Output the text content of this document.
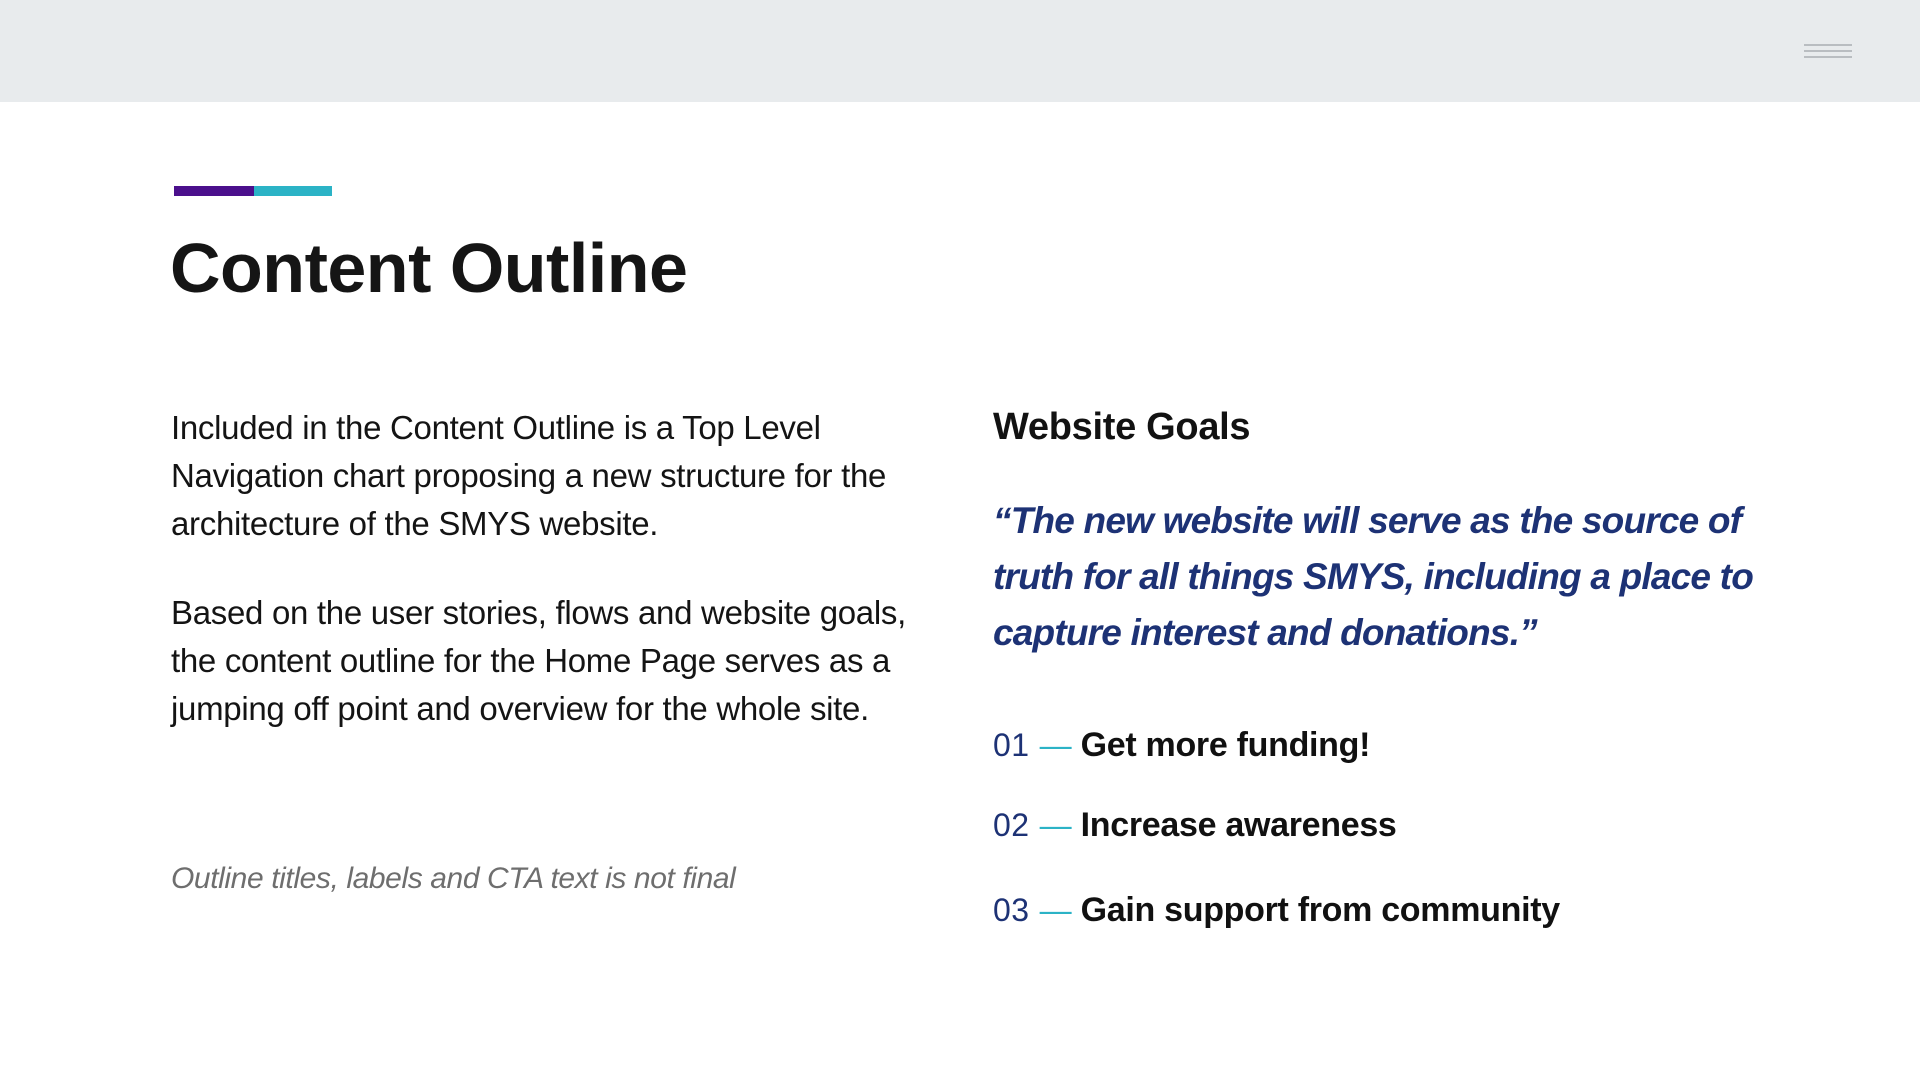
Content Outline

Included in the Content Outline is a Top Level Navigation chart proposing a new structure for the architecture of the SMYS website.

Based on the user stories, flows and website goals, the content outline for the Home Page serves as a jumping off point and overview for the whole site.

Outline titles, labels and CTA text is not final

Website Goals

“The new website will serve as the source of truth for all things SMYS, including a place to capture interest and donations.”

01 — Get more funding!
02 — Increase awareness
03 — Gain support from community
